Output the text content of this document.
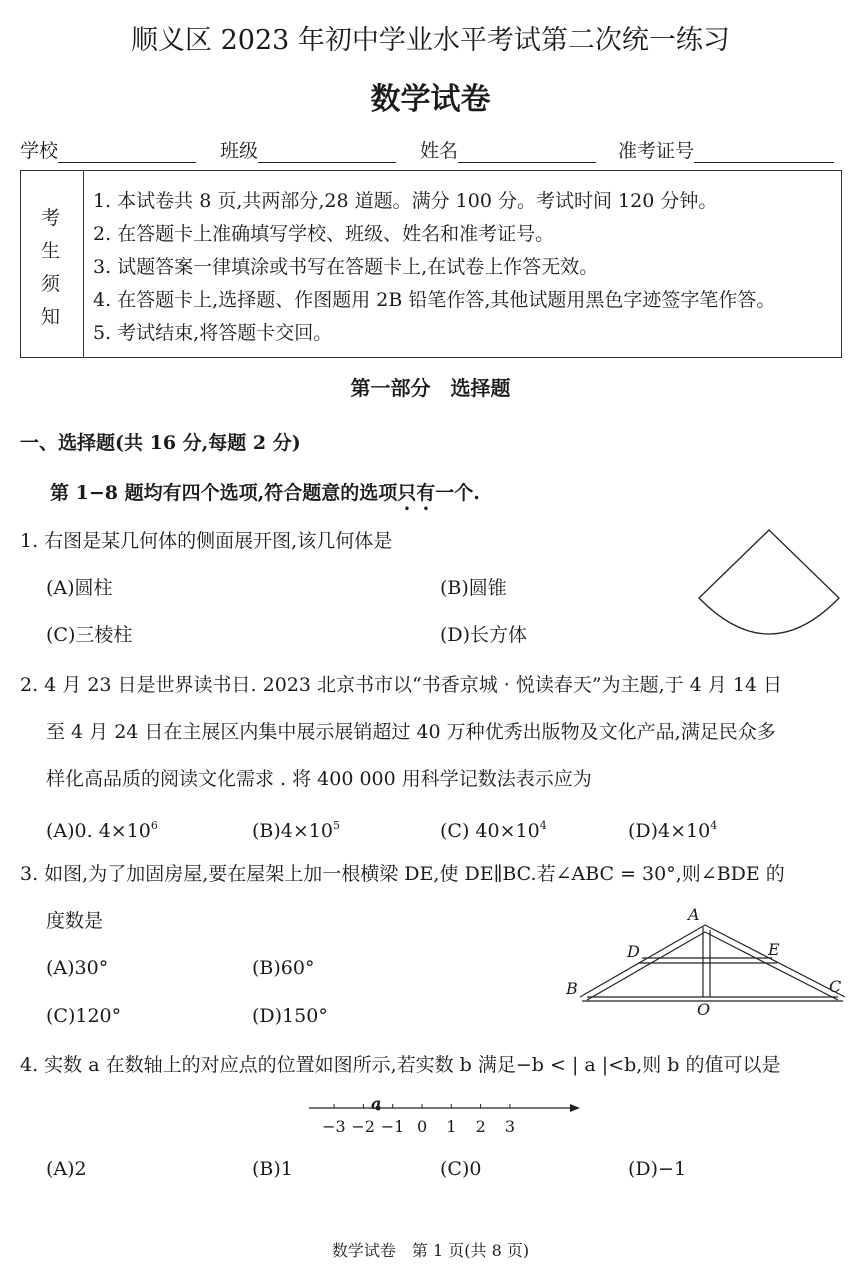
顺义区 2023 年初中学业水平考试第二次统一练习
数学试卷
学校	班级	姓名	准考证号
考
生
须
知
1. 本试卷共 8 页,共两部分,28 道题。满分 100 分。考试时间 120 分钟。
2. 在答题卡上准确填写学校、班级、姓名和准考证号。
3. 试题答案一律填涂或书写在答题卡上,在试卷上作答无效。
4. 在答题卡上,选择题、作图题用 2B 铅笔作答,其他试题用黑色字迹签字笔作答。
5. 考试结束,将答题卡交回。
第一部分　选择题
一、选择题(共 16 分,每题 2 分)
第 1−8 题均有四个选项,符合题意的选项只有一个.
1. 右图是某几何体的侧面展开图,该几何体是
(A)圆柱	(B)圆锥
(C)三棱柱	(D)长方体
2. 4 月 23 日是世界读书日. 2023 北京书市以“书香京城 · 悦读春天”为主题,于 4 月 14 日
至 4 月 24 日在主展区内集中展示展销超过 40 万种优秀出版物及文化产品,满足民众多
样化高品质的阅读文化需求 . 将 400 000 用科学记数法表示应为
(A)0. $4\times 10^6$	$(B)4\times 10^5$	(C) $40\times 10^4$	$(D)4\times 10^4$
3. 如图,为了加固房屋,要在屋架上加一根横梁 DE,使 DE∥BC.若∠ABC = 30°,则∠BDE 的
度数是
(A)30°	(B)60°
(C)120°	(D)150°
A
D	E
B	C
O
4. 实数 a 在数轴上的对应点的位置如图所示,若实数 b 满足−b < | a |<b,则 b 的值可以是
a
(A)2	(B)1	(C)0	(D)−1
数学试卷　第 1 页(共 8 页)
−3 −2 −1 0 1 2 3
